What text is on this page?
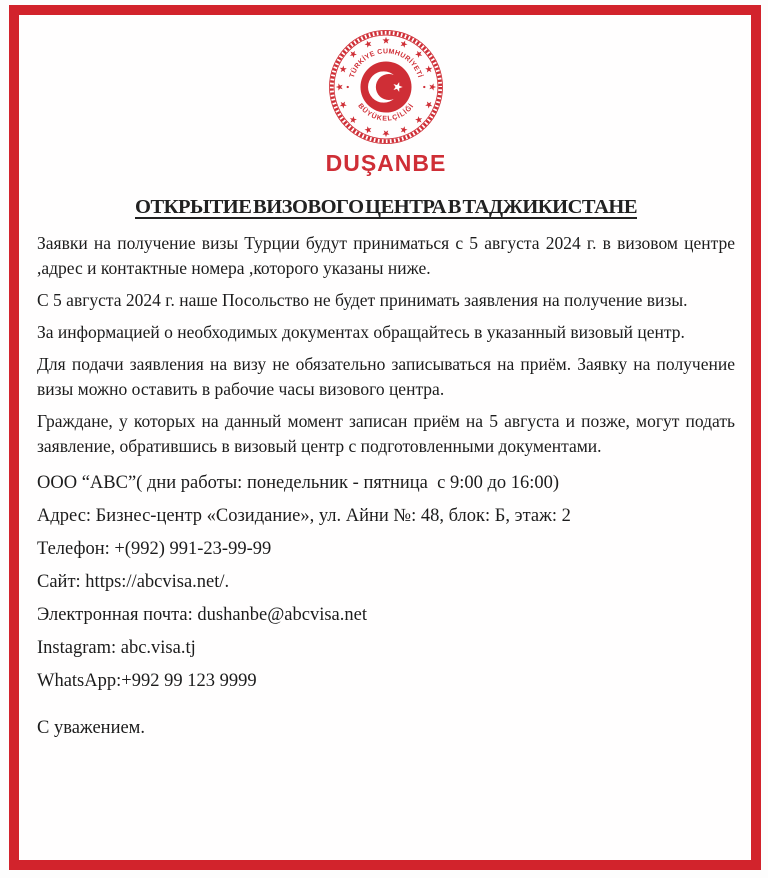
TÜRKİYE CUMHURİYETİ
BÜYÜKELÇİLİĞİ
DUŞANBE
ОТКРЫТИЕ ВИЗОВОГО ЦЕНТРА В ТАДЖИКИСТАНЕ

Заявки на получение визы Турции будут приниматься с 5 августа 2024 г. в визовом центре ,адрес и контактные номера ,которого указаны ниже.

С 5 августа 2024 г. наше Посольство не будет принимать заявления на получение визы.

За информацией о необходимых документах обращайтесь в указанный визовый центр.

Для подачи заявления на визу не обязательно записываться на приём. Заявку на получение визы можно оставить в рабочие часы визового центра.

Граждане, у которых на данный момент записан приём на 5 августа и позже, могут подать заявление, обратившись в визовый центр с подготовленными документами.

ООО “ABC”( дни работы: понедельник - пятница  с 9:00 до 16:00)

Адрес: Бизнес-центр «Созидание», ул. Айни №: 48, блок: Б, этаж: 2

Телефон: +(992) 991-23-99-99

Сайт: https://abcvisa.net/.

Электронная почта: dushanbe@abcvisa.net

Instagram: abc.visa.tj

WhatsApp:+992 99 123 9999

С уважением.
